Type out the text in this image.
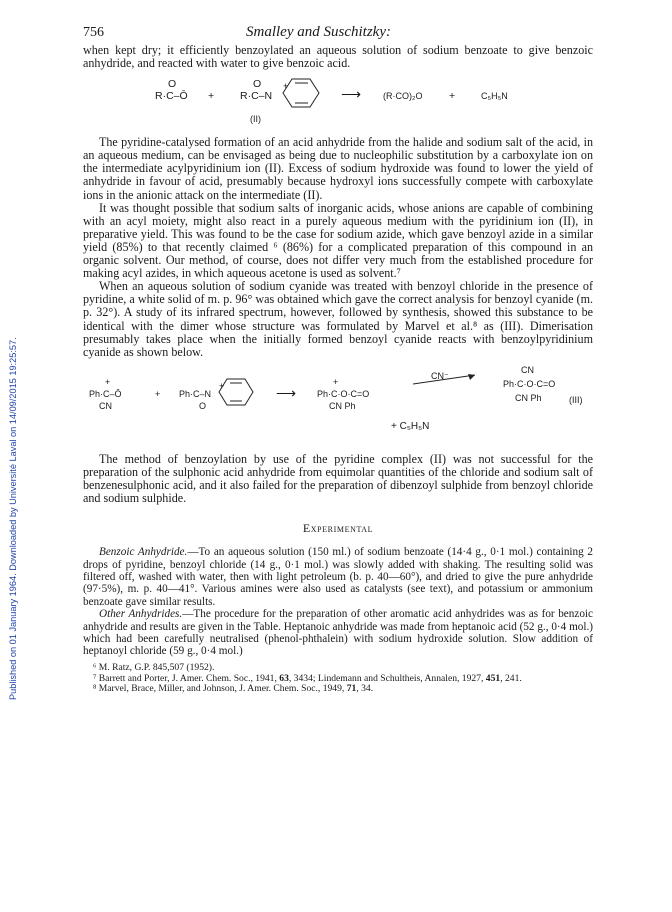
Published on 01 January 1964. Downloaded by Université Laval on 14/09/2015 19:25:57.
756	Smalley and Suschitzky:

when kept dry; it efficiently benzoylated an aqueous solution of sodium benzoate to give benzoic anhydride, and reacted with water to give benzoic acid.

O
R·C–Ō +
O
R·C–N
+	⟶ (R·CO)₂O	+	C₅H₅N
(II)

The pyridine-catalysed formation of an acid anhydride from the halide and sodium salt of the acid, in an aqueous medium, can be envisaged as being due to nucleophilic substitution by a carboxylate ion on the intermediate acylpyridinium ion (II). Excess of sodium hydroxide was found to lower the yield of anhydride in favour of acid, presumably because hydroxyl ions successfully compete with carboxylate ions in the anionic attack on the intermediate (II).

It was thought possible that sodium salts of inorganic acids, whose anions are capable of combining with an acyl moiety, might also react in a purely aqueous medium with the pyridinium ion (II), in preparative yield. This was found to be the case for sodium azide, which gave benzoyl azide in a similar yield (85%) to that recently claimed ⁶ (86%) for a complicated preparation of this compound in an organic solvent. Our method, of course, does not differ very much from the established procedure for making acyl azides, in which aqueous acetone is used as solvent.⁷

When an aqueous solution of sodium cyanide was treated with benzoyl chloride in the presence of pyridine, a white solid of m. p. 96° was obtained which gave the correct analysis for benzoyl cyanide (m. p. 32°). A study of its infrared spectrum, however, followed by synthesis, showed this substance to be identical with the dimer whose structure was formulated by Marvel et al.⁸ as (III). Dimerisation presumably takes place when the initially formed benzoyl cyanide reacts with benzoylpyridinium cyanide as shown below.

+
Ph·C–Ō
CN
+ Ph·C–N
+
O
⟶
+
Ph·C·O·C=O
CN Ph
CN⁻
CN
Ph·C·O·C=O
CN Ph	(III)
+ C₅H₅N

The method of benzoylation by use of the pyridine complex (II) was not successful for the preparation of the sulphonic acid anhydride from equimolar quantities of the chloride and sodium salt of benzenesulphonic acid, and it also failed for the preparation of dibenzoyl sulphide from benzoyl chloride and sodium sulphide.

Experimental

Benzoic Anhydride.—To an aqueous solution (150 ml.) of sodium benzoate (14·4 g., 0·1 mol.) containing 2 drops of pyridine, benzoyl chloride (14 g., 0·1 mol.) was slowly added with shaking. The resulting solid was filtered off, washed with water, then with light petroleum (b. p. 40—60°), and dried to give the pure anhydride (97·5%), m. p. 40—41°. Various amines were also used as catalysts (see text), and potassium or ammonium benzoate gave similar results.

Other Anhydrides.—The procedure for the preparation of other aromatic acid anhydrides was as for benzoic anhydride and results are given in the Table. Heptanoic anhydride was made from heptanoic acid (52 g., 0·4 mol.) which had been carefully neutralised (phenol-phthalein) with sodium hydroxide solution. Slow addition of heptanoyl chloride (59 g., 0·4 mol.)

⁶ M. Ratz, G.P. 845,507 (1952).

⁷ Barrett and Porter, J. Amer. Chem. Soc., 1941, 63, 3434; Lindemann and Schultheis, Annalen, 1927, 451, 241.

⁸ Marvel, Brace, Miller, and Johnson, J. Amer. Chem. Soc., 1949, 71, 34.
